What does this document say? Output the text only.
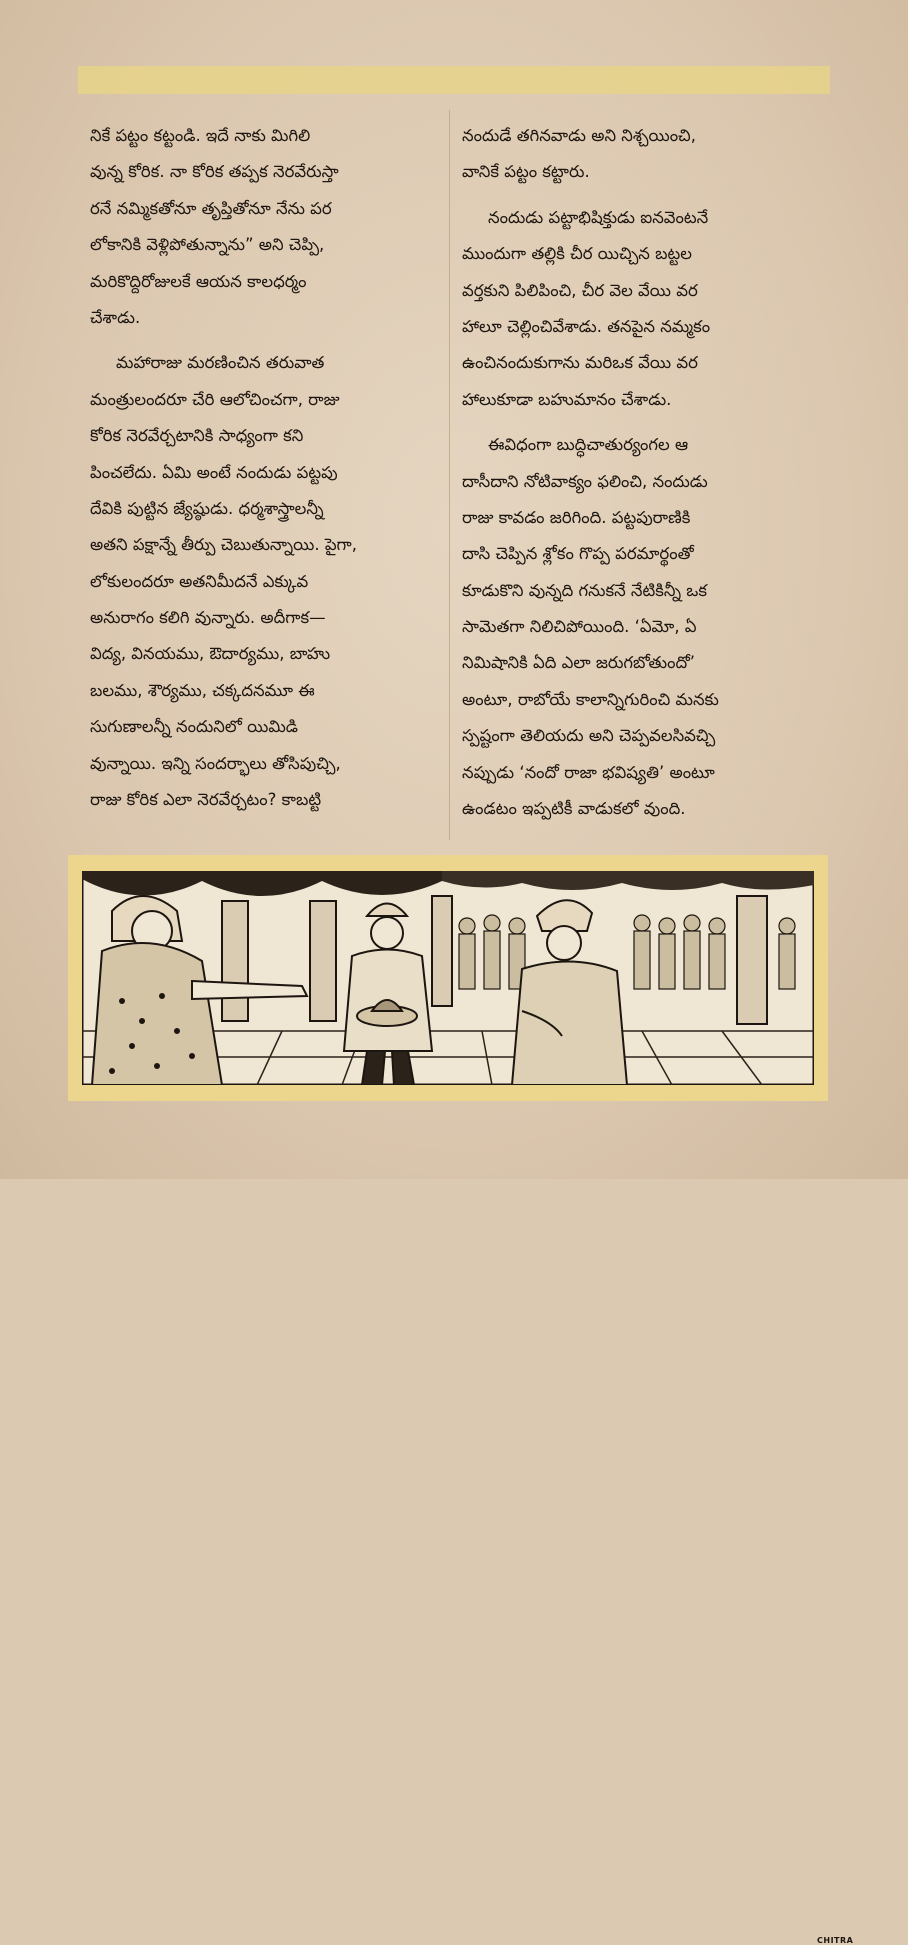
నికే పట్టం కట్టండి. ఇదే నాకు మిగిలి
వున్న కోరిక. నా కోరిక తప్పక నెరవేరుస్తా
రనే నమ్మికతోనూ తృప్తితోనూ నేను పర
లోకానికి వెళ్లిపోతున్నాను” అని చెప్పి,
మరికొద్దిరోజులకే ఆయన కాలధర్మం
చేశాడు.
మహారాజు మరణించిన తరువాత
మంత్రులందరూ చేరి ఆలోచించగా, రాజు
కోరిక నెరవేర్చటానికి సాధ్యంగా కని
పించలేదు. ఏమి అంటే నందుడు పట్టపు
దేవికి పుట్టిన జ్యేష్ఠుడు. ధర్మశాస్త్రాలన్నీ
అతని పక్షాన్నే తీర్పు చెబుతున్నాయి. పైగా,
లోకులందరూ అతనిమీదనే ఎక్కువ
అనురాగం కలిగి వున్నారు. అదీగాక—
విద్య, వినయము, ఔదార్యము, బాహు
బలము, శౌర్యము, చక్కదనమూ ఈ
సుగుణాలన్నీ నందునిలో యిమిడి
వున్నాయి. ఇన్ని సందర్భాలు తోసిపుచ్చి,
రాజు కోరిక ఎలా నెరవేర్చటం? కాబట్టి
నందుడే తగినవాడు అని నిశ్చయించి,
వానికే పట్టం కట్టారు.
నందుడు పట్టాభిషిక్తుడు ఐనవెంటనే
ముందుగా తల్లికి చీర యిచ్చిన బట్టల
వర్తకుని పిలిపించి, చీర వెల వేయి వర
హాలూ చెల్లించివేశాడు. తనపైన నమ్మకం
ఉంచినందుకుగాను మరిఒక వేయి వర
హాలుకూడా బహుమానం చేశాడు.
ఈవిధంగా బుద్ధిచాతుర్యంగల ఆ
దాసీదాని నోటివాక్యం ఫలించి, నందుడు
రాజు కావడం జరిగింది. పట్టపురాణికి
దాసి చెప్పిన శ్లోకం గొప్ప పరమార్థంతో
కూడుకొని వున్నది గనుకనే నేటికిన్నీ ఒక
సామెతగా నిలిచిపోయింది. ‘ఏమో, ఏ
నిమిషానికి ఏది ఎలా జరుగబోతుందో’
అంటూ, రాబోయే కాలాన్నిగురించి మనకు
స్పష్టంగా తెలియదు అని చెప్పవలసివచ్చి
నప్పుడు ‘నందో రాజా భవిష్యతి’ అంటూ
ఉండటం ఇప్పటికీ వాడుకలో వుంది.
CHITRA
